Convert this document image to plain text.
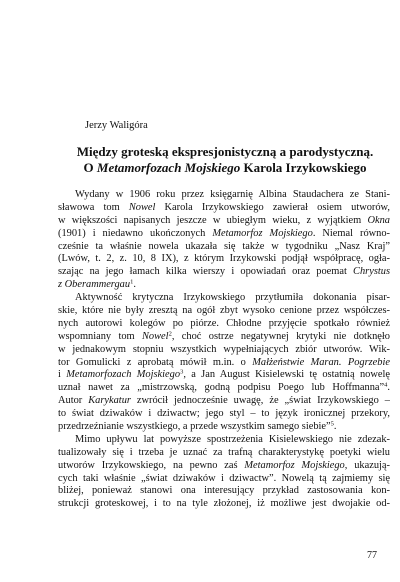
Jerzy Waligóra
Między groteską ekspresjonistyczną a parodystyczną.
O Metamorfozach Mojskiego Karola Irzykowskiego
Wydany w 1906 roku przez księgarnię Albina Staudachera ze Stani-
sławowa tom Nowel Karola Irzykowskiego zawierał osiem utworów,
w większości napisanych jeszcze w ubiegłym wieku, z wyjątkiem Okna
(1901) i niedawno ukończonych Metamorfoz Mojskiego. Niemal równo-
cześnie ta właśnie nowela ukazała się także w tygodniku „Nasz Kraj”
(Lwów, t. 2, z. 10, 8 IX), z którym Irzykowski podjął współpracę, ogła-
szając na jego łamach kilka wierszy i opowiadań oraz poemat Chrystus
z Oberammergau$^1$.
Aktywność krytyczna Irzykowskiego przytłumiła dokonania pisar-
skie, które nie były zresztą na ogół zbyt wysoko cenione przez współczes-
nych autorowi kolegów po piórze. Chłodne przyjęcie spotkało również
wspomniany tom Nowel$^2$, choć ostrze negatywnej krytyki nie dotknęło
w jednakowym stopniu wszystkich wypełniających zbiór utworów. Wik-
tor Gomulicki z aprobatą mówił m.in. o Małżeństwie Maran. Pogrzebie
i Metamorfozach Mojskiego$^3$, a Jan August Kisielewski tę ostatnią nowelę
uznał nawet za „mistrzowską, godną podpisu Poego lub Hoffmanna”$^4$.
Autor Karykatur zwrócił jednocześnie uwagę, że „świat Irzykowskiego –
to świat dziwaków i dziwactw; jego styl – to język ironicznej przekory,
przedrzeźnianie wszystkiego, a przede wszystkim samego siebie”$^5$.
Mimo upływu lat powyższe spostrzeżenia Kisielewskiego nie zdezak-
tualizowały się i trzeba je uznać za trafną charakterystykę poetyki wielu
utworów Irzykowskiego, na pewno zaś Metamorfoz Mojskiego, ukazują-
cych taki właśnie „świat dziwaków i dziwactw”. Nowelą tą zajmiemy się
bliżej, ponieważ stanowi ona interesujący przykład zastosowania kon-
strukcji groteskowej, i to na tyle złożonej, iż możliwe jest dwojakie od-
77
